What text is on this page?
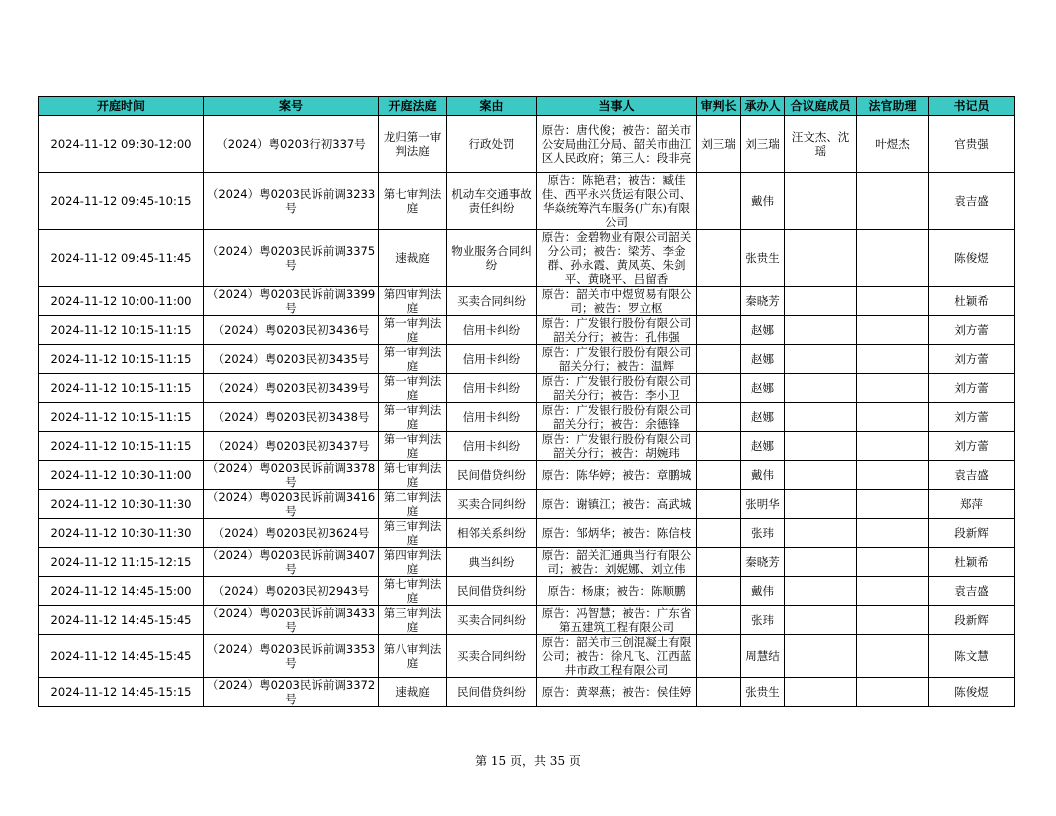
开庭时间	案号	开庭法庭	案由	当事人	审判长	承办人	合议庭成员	法官助理	书记员
2024-11-12 09:30-12:00	（2024）粤0203行初337号	龙归第一审判法庭	行政处罚	原告：唐代俊；被告：韶关市公安局曲江分局、韶关市曲江区人民政府；第三人：段非亮	刘三瑞	刘三瑞	汪文杰、沈瑶	叶煜杰	官贵强
2024-11-12 09:45-10:15	（2024）粤0203民诉前调3233号	第七审判法庭	机动车交通事故责任纠纷	原告：陈艳君；被告：臧佳佳、西平永兴货运有限公司、华焱统筹汽车服务(广东)有限公司		戴伟			袁吉盛
2024-11-12 09:45-11:45	（2024）粤0203民诉前调3375号	速裁庭	物业服务合同纠纷	原告：金碧物业有限公司韶关分公司；被告：梁芳、李金群、孙永霞、黄凤英、朱剑平、黄晓平、吕留香		张贵生			陈俊煜
2024-11-12 10:00-11:00	（2024）粤0203民诉前调3399号	第四审判法庭	买卖合同纠纷	原告：韶关市中煜贸易有限公司；被告：罗立枢		秦晓芳			杜颖希
2024-11-12 10:15-11:15	（2024）粤0203民初3436号	第一审判法庭	信用卡纠纷	原告：广发银行股份有限公司韶关分行；被告：孔伟强		赵娜			刘方蕾
2024-11-12 10:15-11:15	（2024）粤0203民初3435号	第一审判法庭	信用卡纠纷	原告：广发银行股份有限公司韶关分行；被告：温辉		赵娜			刘方蕾
2024-11-12 10:15-11:15	（2024）粤0203民初3439号	第一审判法庭	信用卡纠纷	原告：广发银行股份有限公司韶关分行；被告：李小卫		赵娜			刘方蕾
2024-11-12 10:15-11:15	（2024）粤0203民初3438号	第一审判法庭	信用卡纠纷	原告：广发银行股份有限公司韶关分行；被告：余德锋		赵娜			刘方蕾
2024-11-12 10:15-11:15	（2024）粤0203民初3437号	第一审判法庭	信用卡纠纷	原告：广发银行股份有限公司韶关分行；被告：胡婉玮		赵娜			刘方蕾
2024-11-12 10:30-11:00	（2024）粤0203民诉前调3378号	第七审判法庭	民间借贷纠纷	原告：陈华婷；被告：章鹏城		戴伟			袁吉盛
2024-11-12 10:30-11:30	（2024）粤0203民诉前调3416号	第二审判法庭	买卖合同纠纷	原告：谢镇江；被告：高武城		张明华			郑萍
2024-11-12 10:30-11:30	（2024）粤0203民初3624号	第三审判法庭	相邻关系纠纷	原告：邹炳华；被告：陈信枝		张玮			段新辉
2024-11-12 11:15-12:15	（2024）粤0203民诉前调3407号	第四审判法庭	典当纠纷	原告：韶关汇通典当行有限公司；被告：刘妮娜、刘立伟		秦晓芳			杜颖希
2024-11-12 14:45-15:00	（2024）粤0203民初2943号	第七审判法庭	民间借贷纠纷	原告：杨康；被告：陈顺鹏		戴伟			袁吉盛
2024-11-12 14:45-15:45	（2024）粤0203民诉前调3433号	第三审判法庭	买卖合同纠纷	原告：冯智慧；被告：广东省第五建筑工程有限公司		张玮			段新辉
2024-11-12 14:45-15:45	（2024）粤0203民诉前调3353号	第八审判法庭	买卖合同纠纷	原告：韶关市三创混凝土有限公司；被告：徐凡飞、江西蓝井市政工程有限公司		周慧结			陈文慧
2024-11-12 14:45-15:15	（2024）粤0203民诉前调3372号	速裁庭	民间借贷纠纷	原告：黄翠燕；被告：侯佳婷		张贵生			陈俊煜
第 15 页，共 35 页
